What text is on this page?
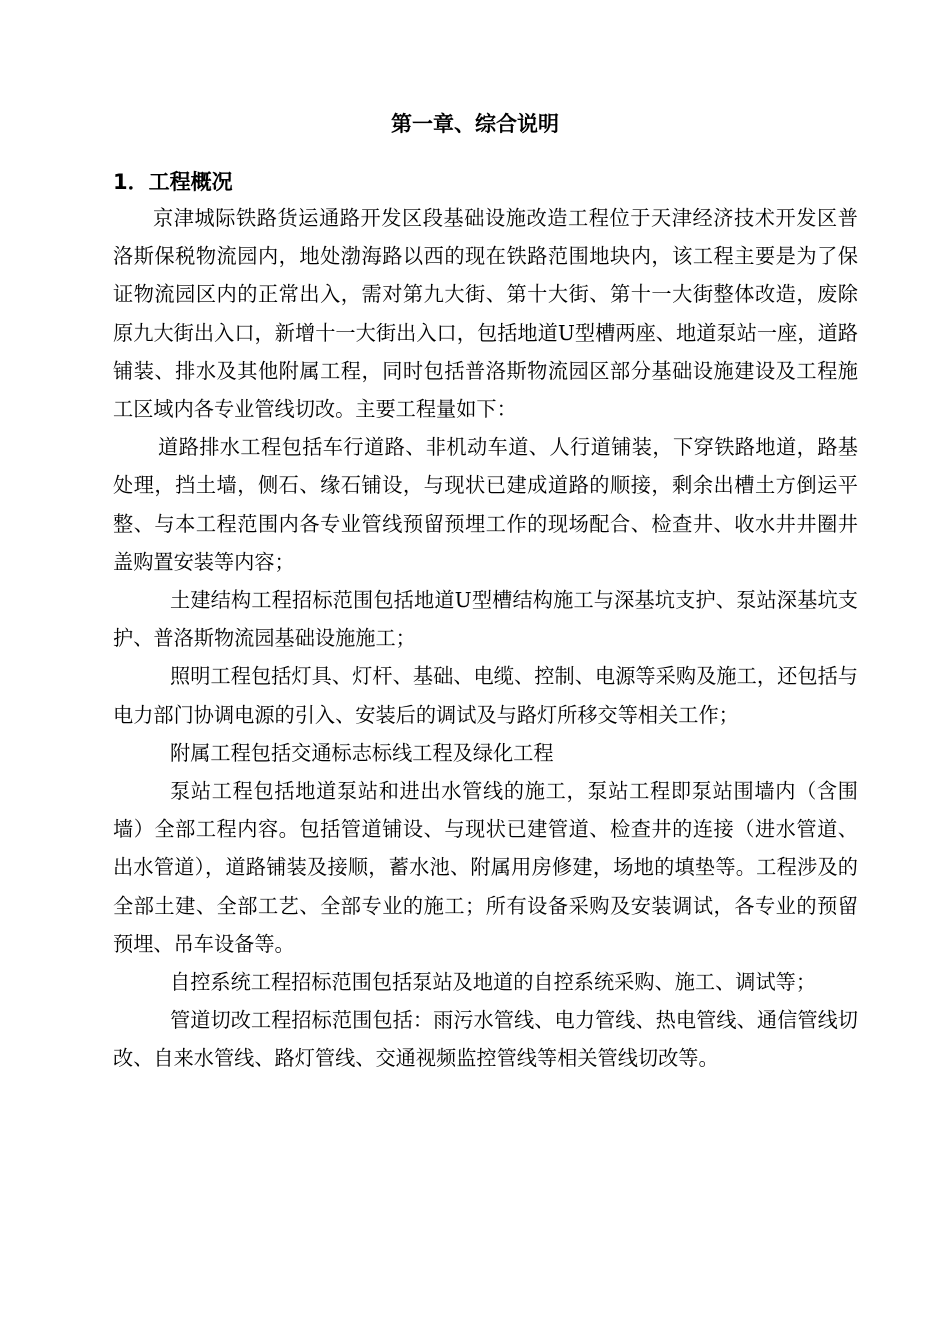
第一章、综合说明
1．工程概况

京津城际铁路货运通路开发区段基础设施改造工程位于天津经济技术开发区普洛斯保税物流园内，地处渤海路以西的现在铁路范围地块内，该工程主要是为了保证物流园区内的正常出入，需对第九大街、第十大街、第十一大街整体改造，废除原九大街出入口，新增十一大街出入口，包括地道U型槽两座、地道泵站一座，道路铺装、排水及其他附属工程，同时包括普洛斯物流园区部分基础设施建设及工程施工区域内各专业管线切改。主要工程量如下：

道路排水工程包括车行道路、非机动车道、人行道铺装，下穿铁路地道，路基处理，挡土墙，侧石、缘石铺设，与现状已建成道路的顺接，剩余出槽土方倒运平整、与本工程范围内各专业管线预留预埋工作的现场配合、检查井、收水井井圈井盖购置安装等内容；

土建结构工程招标范围包括地道U型槽结构施工与深基坑支护、泵站深基坑支护、普洛斯物流园基础设施施工；

照明工程包括灯具、灯杆、基础、电缆、控制、电源等采购及施工，还包括与电力部门协调电源的引入、安装后的调试及与路灯所移交等相关工作；

附属工程包括交通标志标线工程及绿化工程

泵站工程包括地道泵站和进出水管线的施工，泵站工程即泵站围墙内（含围墙）全部工程内容。包括管道铺设、与现状已建管道、检查井的连接（进水管道、出水管道），道路铺装及接顺，蓄水池、附属用房修建，场地的填垫等。工程涉及的全部土建、全部工艺、全部专业的施工；所有设备采购及安装调试，各专业的预留预埋、吊车设备等。

自控系统工程招标范围包括泵站及地道的自控系统采购、施工、调试等；

管道切改工程招标范围包括：雨污水管线、电力管线、热电管线、通信管线切改、自来水管线、路灯管线、交通视频监控管线等相关管线切改等。
